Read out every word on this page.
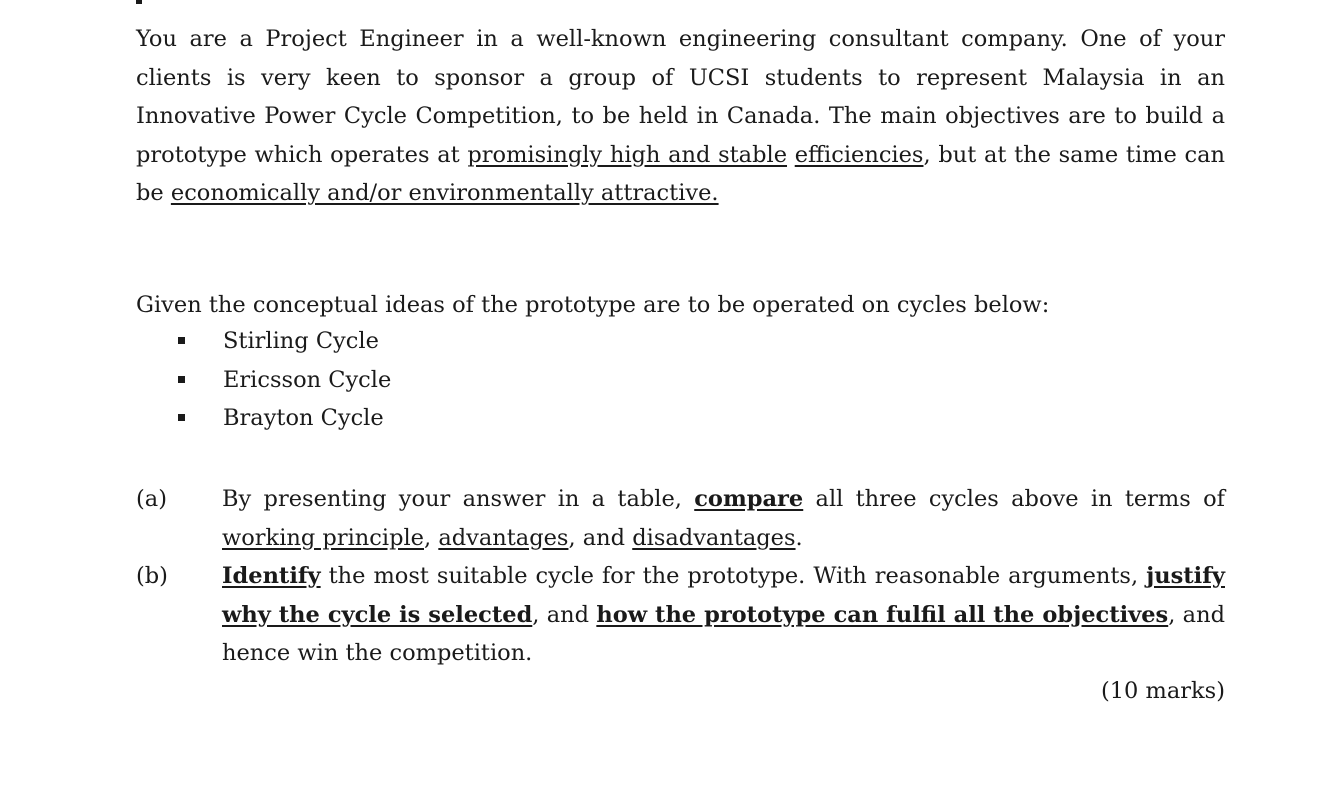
You are a Project Engineer in a well-known engineering consultant company. One of your clients is very keen to sponsor a group of UCSI students to represent Malaysia in an Innovative Power Cycle Competition, to be held in Canada. The main objectives are to build a prototype which operates at promisingly high and stable efficiencies, but at the same time can be economically and/or environmentally attractive.

Given the conceptual ideas of the prototype are to be operated on cycles below:

Stirling Cycle
Ericsson Cycle
Brayton Cycle
(a) By presenting your answer in a table, compare all three cycles above in terms of working principle, advantages, and disadvantages.
(b) Identify the most suitable cycle for the prototype. With reasonable arguments, justify why the cycle is selected, and how the prototype can fulfil all the objectives, and hence win the competition.

(10 marks)
